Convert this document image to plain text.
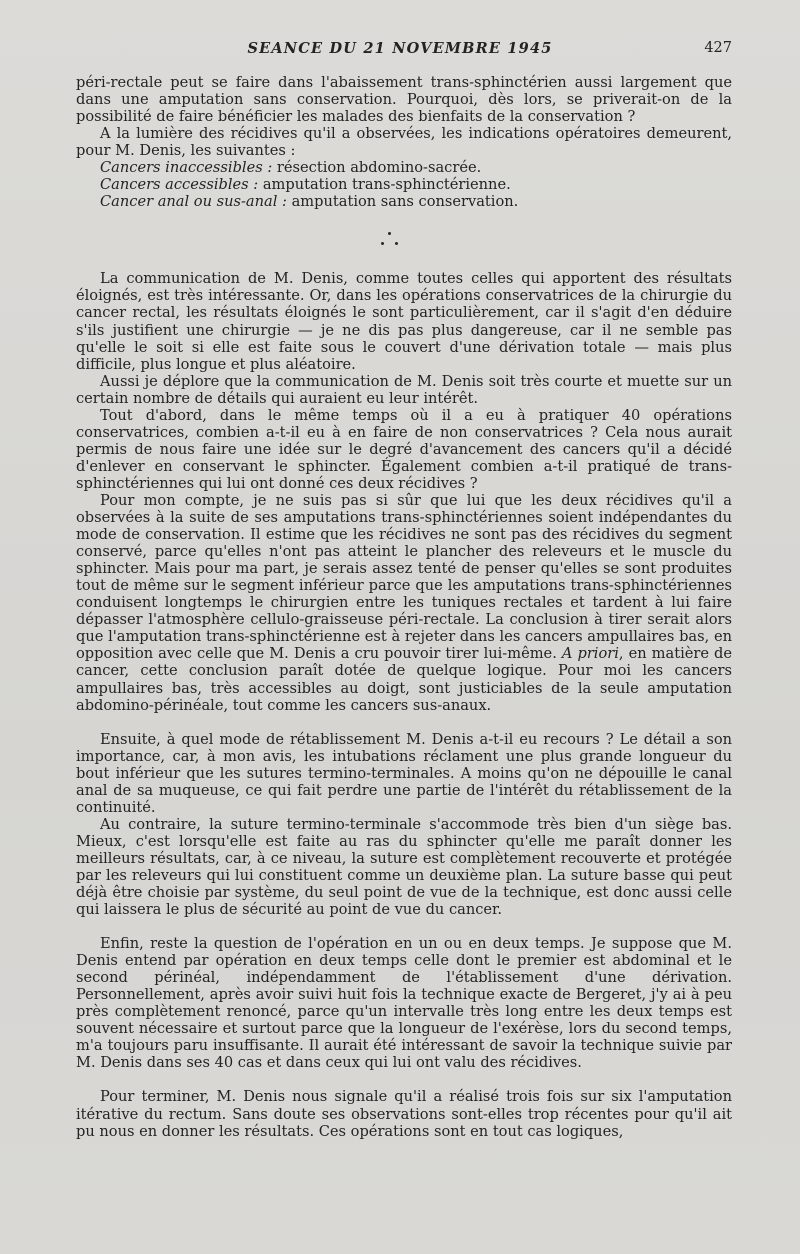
SEANCE DU 21 NOVEMBRE 1945	427

péri-rectale peut se faire dans l'abaissement trans-sphinctérien aussi largement que dans une amputation sans conservation. Pourquoi, dès lors, se priverait-on de la possibilité de faire bénéficier les malades des bienfaits de la conservation ?

A la lumière des récidives qu'il a observées, les indications opératoires demeurent, pour M. Denis, les suivantes :

Cancers inaccessibles : résection abdomino-sacrée.

Cancers accessibles : amputation trans-sphinctérienne.

Cancer anal ou sus-anal : amputation sans conservation.

La communication de M. Denis, comme toutes celles qui apportent des résultats éloignés, est très intéressante. Or, dans les opérations conservatrices de la chirurgie du cancer rectal, les résultats éloignés le sont particulièrement, car il s'agit d'en déduire s'ils justifient une chirurgie — je ne dis pas plus dangereuse, car il ne semble pas qu'elle le soit si elle est faite sous le couvert d'une dérivation totale — mais plus difficile, plus longue et plus aléatoire.

Aussi je déplore que la communication de M. Denis soit très courte et muette sur un certain nombre de détails qui auraient eu leur intérêt.

Tout d'abord, dans le même temps où il a eu à pratiquer 40 opérations conservatrices, combien a-t-il eu à en faire de non conservatrices ? Cela nous aurait permis de nous faire une idée sur le degré d'avancement des cancers qu'il a décidé d'enlever en conservant le sphincter. Également combien a-t-il pratiqué de trans-sphinctériennes qui lui ont donné ces deux récidives ?

Pour mon compte, je ne suis pas si sûr que lui que les deux récidives qu'il a observées à la suite de ses amputations trans-sphinctériennes soient indépendantes du mode de conservation. Il estime que les récidives ne sont pas des récidives du segment conservé, parce qu'elles n'ont pas atteint le plancher des releveurs et le muscle du sphincter. Mais pour ma part, je serais assez tenté de penser qu'elles se sont produites tout de même sur le segment inférieur parce que les amputations trans-sphinctériennes conduisent longtemps le chirurgien entre les tuniques rectales et tardent à lui faire dépasser l'atmosphère cellulo-graisseuse péri-rectale. La conclusion à tirer serait alors que l'amputation trans-sphinctérienne est à rejeter dans les cancers ampullaires bas, en opposition avec celle que M. Denis a cru pouvoir tirer lui-même. A priori, en matière de cancer, cette conclusion paraît dotée de quelque logique. Pour moi les cancers ampullaires bas, très accessibles au doigt, sont justiciables de la seule amputation abdomino-périnéale, tout comme les cancers sus-anaux.

Ensuite, à quel mode de rétablissement M. Denis a-t-il eu recours ? Le détail a son importance, car, à mon avis, les intubations réclament une plus grande longueur du bout inférieur que les sutures termino-terminales. A moins qu'on ne dépouille le canal anal de sa muqueuse, ce qui fait perdre une partie de l'intérêt du rétablissement de la continuité.

Au contraire, la suture termino-terminale s'accommode très bien d'un siège bas. Mieux, c'est lorsqu'elle est faite au ras du sphincter qu'elle me paraît donner les meilleurs résultats, car, à ce niveau, la suture est complètement recouverte et protégée par les releveurs qui lui constituent comme un deuxième plan. La suture basse qui peut déjà être choisie par système, du seul point de vue de la technique, est donc aussi celle qui laissera le plus de sécurité au point de vue du cancer.

Enfin, reste la question de l'opération en un ou en deux temps. Je suppose que M. Denis entend par opération en deux temps celle dont le premier est abdominal et le second périnéal, indépendamment de l'établissement d'une dérivation. Personnellement, après avoir suivi huit fois la technique exacte de Bergeret, j'y ai à peu près complètement renoncé, parce qu'un intervalle très long entre les deux temps est souvent nécessaire et surtout parce que la longueur de l'exérèse, lors du second temps, m'a toujours paru insuffisante. Il aurait été intéressant de savoir la technique suivie par M. Denis dans ses 40 cas et dans ceux qui lui ont valu des récidives.

Pour terminer, M. Denis nous signale qu'il a réalisé trois fois sur six l'amputation itérative du rectum. Sans doute ses observations sont-elles trop récentes pour qu'il ait pu nous en donner les résultats. Ces opérations sont en tout cas logiques,
